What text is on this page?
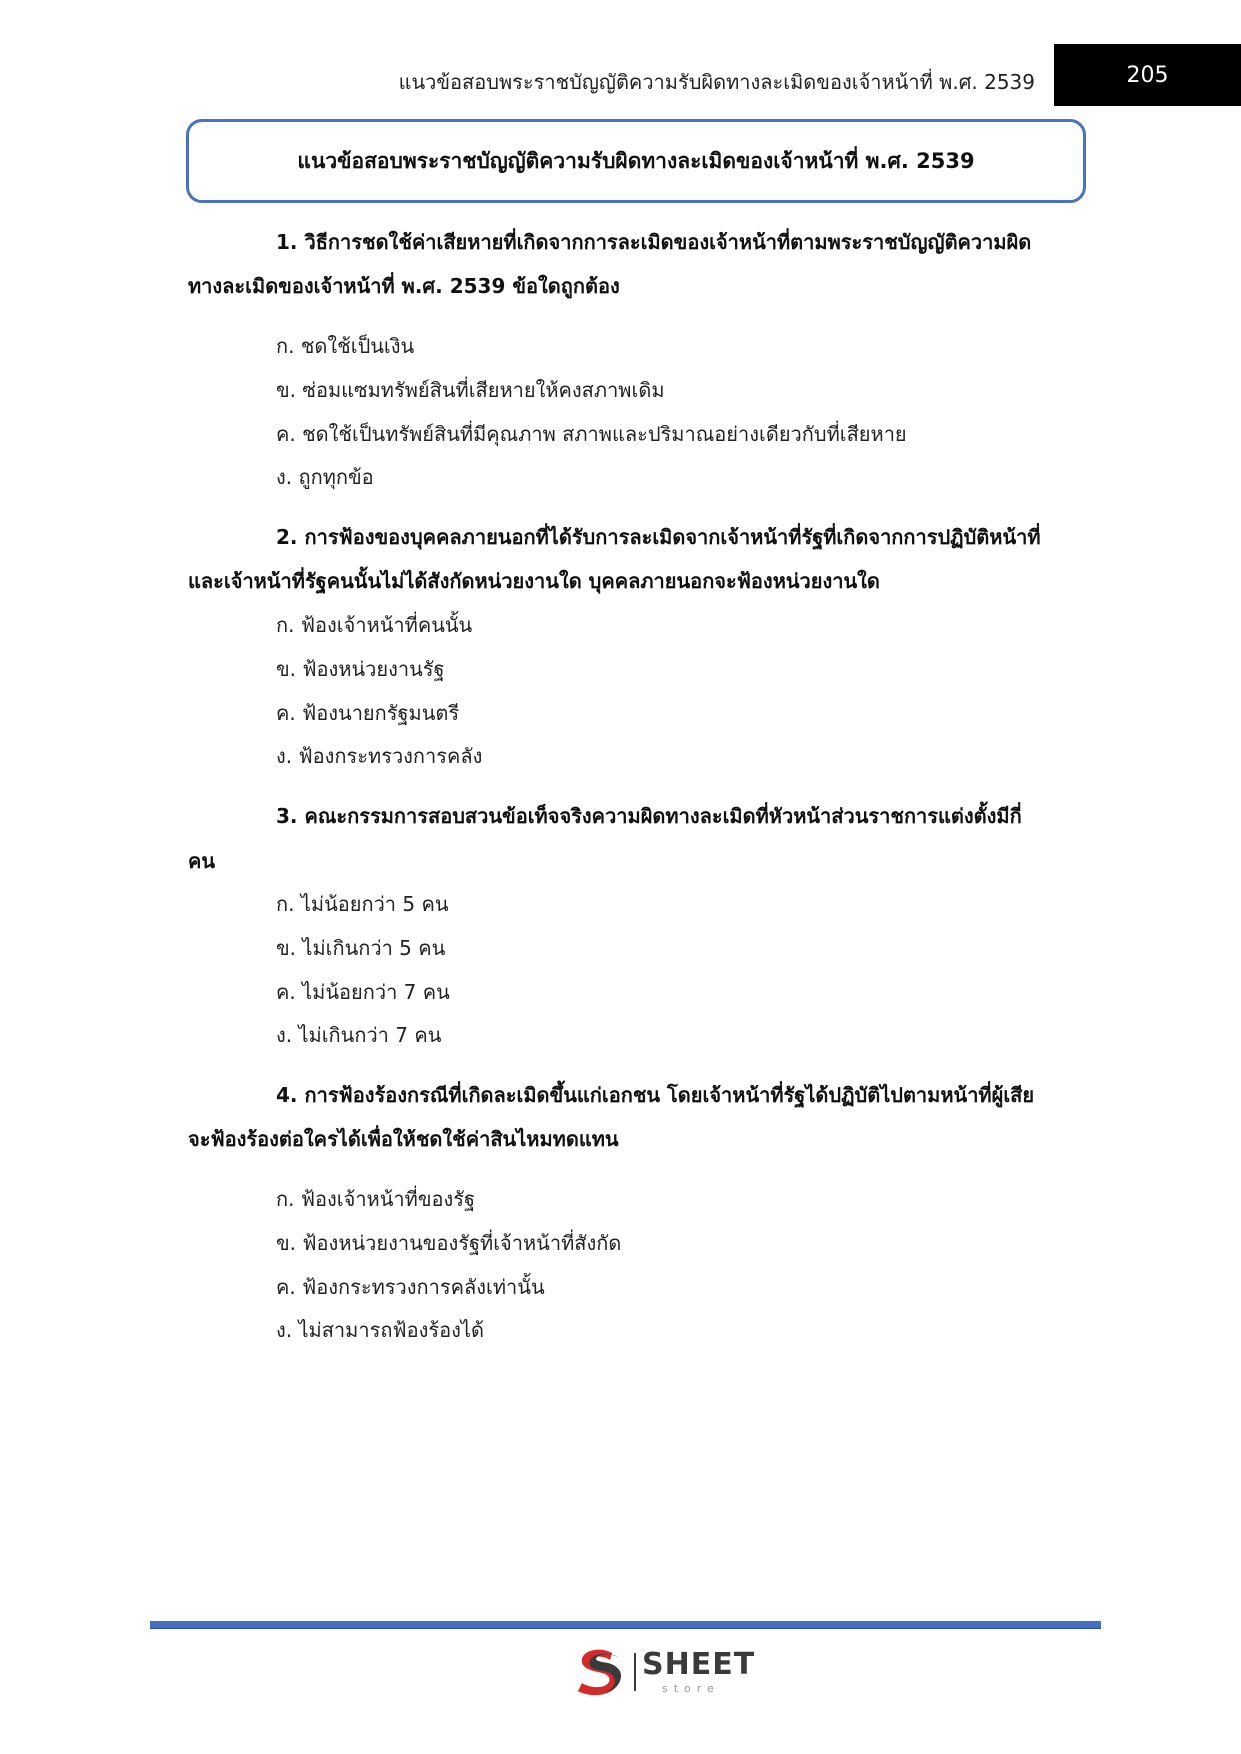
แนวข้อสอบพระราชบัญญัติความรับผิดทางละเมิดของเจ้าหน้าที่ พ.ศ. 2539	205
แนวข้อสอบพระราชบัญญัติความรับผิดทางละเมิดของเจ้าหน้าที่ พ.ศ. 2539
1. วิธีการชดใช้ค่าเสียหายที่เกิดจากการละเมิดของเจ้าหน้าที่ตามพระราชบัญญัติความผิด
ทางละเมิดของเจ้าหน้าที่ พ.ศ. 2539 ข้อใดถูกต้อง
ก. ชดใช้เป็นเงิน
ข. ซ่อมแซมทรัพย์สินที่เสียหายให้คงสภาพเดิม
ค. ชดใช้เป็นทรัพย์สินที่มีคุณภาพ สภาพและปริมาณอย่างเดียวกับที่เสียหาย
ง. ถูกทุกข้อ
2. การฟ้องของบุคคลภายนอกที่ได้รับการละเมิดจากเจ้าหน้าที่รัฐที่เกิดจากการปฏิบัติหน้าที่
และเจ้าหน้าที่รัฐคนนั้นไม่ได้สังกัดหน่วยงานใด บุคคลภายนอกจะฟ้องหน่วยงานใด
ก. ฟ้องเจ้าหน้าที่คนนั้น
ข. ฟ้องหน่วยงานรัฐ
ค. ฟ้องนายกรัฐมนตรี
ง. ฟ้องกระทรวงการคลัง
3. คณะกรรมการสอบสวนข้อเท็จจริงความผิดทางละเมิดที่หัวหน้าส่วนราชการแต่งตั้งมีกี่
คน
ก. ไม่น้อยกว่า 5 คน
ข. ไม่เกินกว่า 5 คน
ค. ไม่น้อยกว่า 7 คน
ง. ไม่เกินกว่า 7 คน
4. การฟ้องร้องกรณีที่เกิดละเมิดขึ้นแก่เอกชน โดยเจ้าหน้าที่รัฐได้ปฏิบัติไปตามหน้าที่ผู้เสีย
จะฟ้องร้องต่อใครได้เพื่อให้ชดใช้ค่าสินไหมทดแทน
ก. ฟ้องเจ้าหน้าที่ของรัฐ
ข. ฟ้องหน่วยงานของรัฐที่เจ้าหน้าที่สังกัด
ค. ฟ้องกระทรวงการคลังเท่านั้น
ง. ไม่สามารถฟ้องร้องได้
SHEET
store
